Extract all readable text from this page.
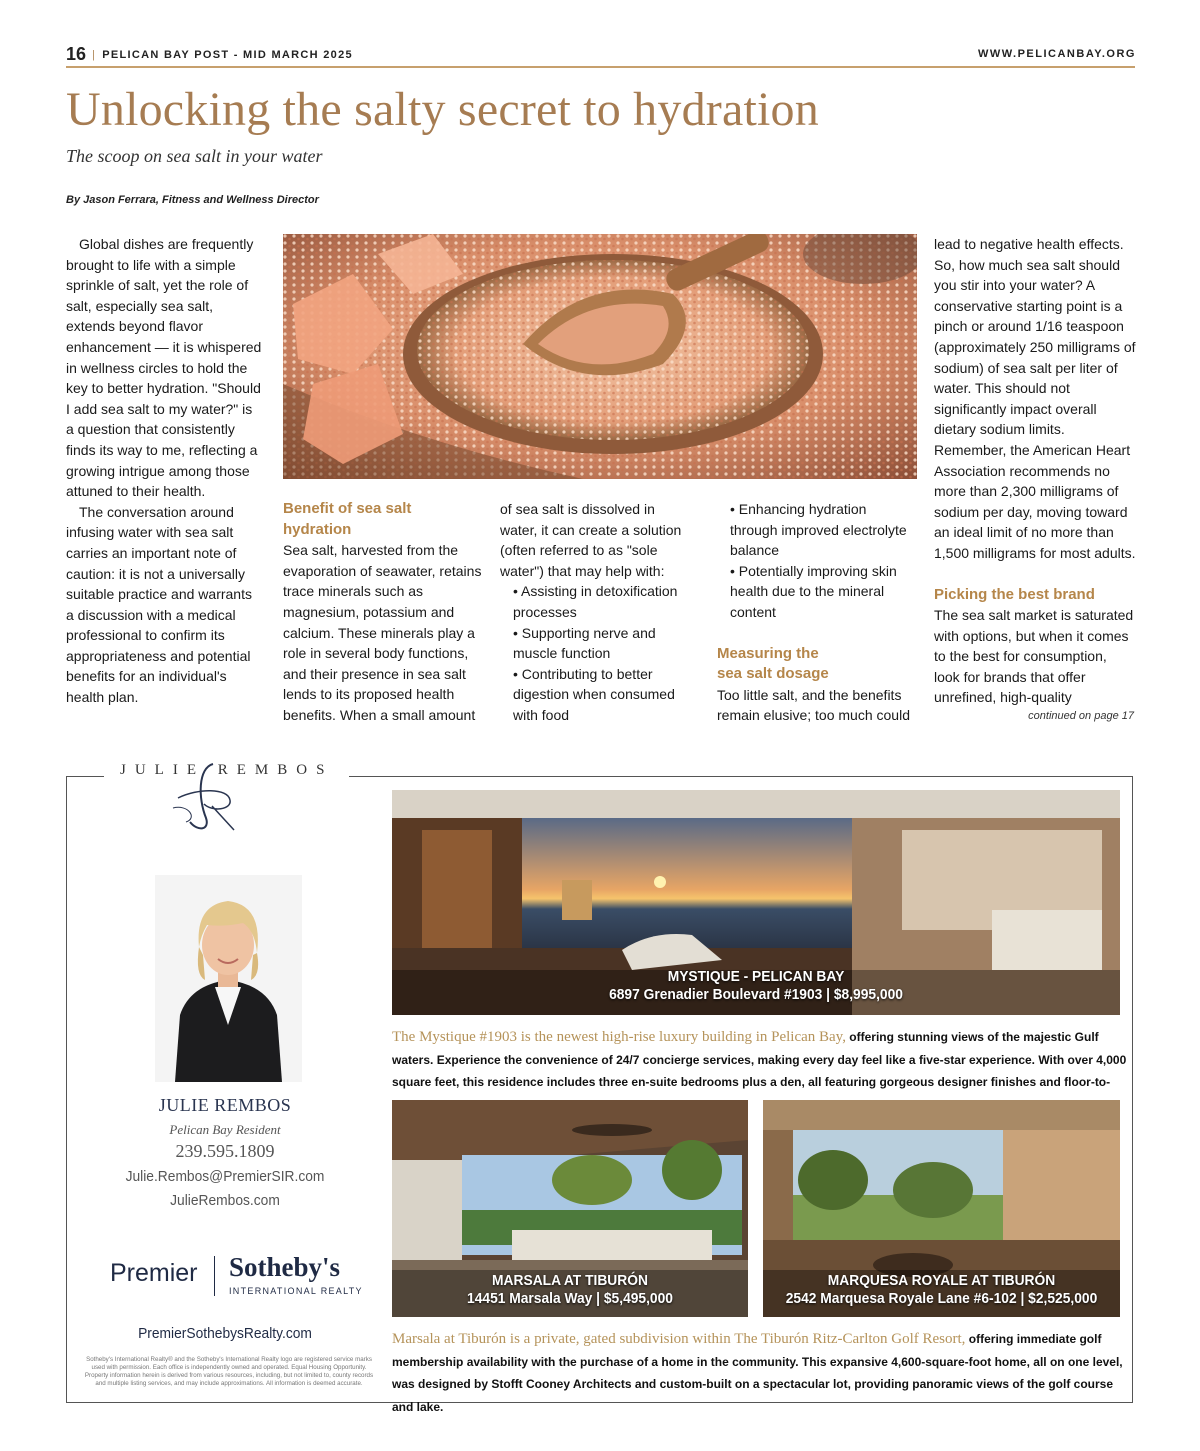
16 | PELICAN BAY POST - MID MARCH 2025	WWW.PELICANBAY.ORG
Unlocking the salty secret to hydration
The scoop on sea salt in your water
By Jason Ferrara, Fitness and Wellness Director

Global dishes are frequently brought to life with a simple sprinkle of salt, yet the role of salt, especially sea salt, extends beyond flavor enhancement — it is whispered in wellness circles to hold the key to better hydration. "Should I add sea salt to my water?" is a question that consistently finds its way to me, reflecting a growing intrigue among those attuned to their health.

The conversation around infusing water with sea salt carries an important note of caution: it is not a universally suitable practice and warrants a discussion with a medical professional to confirm its appropriateness and potential benefits for an individual's health plan.

Benefit of sea salt hydration

Sea salt, harvested from the evaporation of seawater, retains trace minerals such as magnesium, potassium and calcium. These minerals play a role in several body functions, and their presence in sea salt lends to its proposed health benefits. When a small amount

of sea salt is dissolved in water, it can create a solution (often referred to as "sole water") that may help with:

• Assisting in detoxification processes

• Supporting nerve and muscle function

• Contributing to better digestion when consumed with food

• Enhancing hydration through improved electrolyte balance

• Potentially improving skin health due to the mineral content

Measuring the sea salt dosage

Too little salt, and the benefits remain elusive; too much could

lead to negative health effects. So, how much sea salt should you stir into your water? A conservative starting point is a pinch or around 1/16 teaspoon (approximately 250 milligrams of sodium) of sea salt per liter of water. This should not significantly impact overall dietary sodium limits. Remember, the American Heart Association recommends no more than 2,300 milligrams of sodium per day, moving toward an ideal limit of no more than 1,500 milligrams for most adults.

Picking the best brand

The sea salt market is saturated with options, but when it comes to the best for consumption, look for brands that offer unrefined, high-quality

continued on page 17
JULIE REMBOS
JULIE REMBOS
Pelican Bay Resident
239.595.1809
Julie.Rembos@PremierSIR.com
JulieRembos.com
Premier Sotheby's
INTERNATIONAL REALTY
PremierSothebysRealty.com
Sotheby's International Realty® and the Sotheby's International Realty logo are registered service marks used with permission. Each office is independently owned and operated. Equal Housing Opportunity. Property information herein is derived from various resources, including, but not limited to, county records and multiple listing services, and may include approximations. All information is deemed accurate.
MYSTIQUE - PELICAN BAY
6897 Grenadier Boulevard #1903 | $8,995,000
The Mystique #1903 is the newest high-rise luxury building in Pelican Bay, offering stunning views of the majestic Gulf waters. Experience the convenience of 24/7 concierge services, making every day feel like a five-star experience. With over 4,000 square feet, this residence includes three en-suite bedrooms plus a den, all featuring gorgeous designer finishes and floor-to-
MARSALA AT TIBURÓN
14451 Marsala Way | $5,495,000
MARQUESA ROYALE AT TIBURÓN
2542 Marquesa Royale Lane #6-102 | $2,525,000
Marsala at Tiburón is a private, gated subdivision within The Tiburón Ritz-Carlton Golf Resort, offering immediate golf membership availability with the purchase of a home in the community. This expansive 4,600-square-foot home, all on one level, was designed by Stofft Cooney Architects and custom-built on a spectacular lot, providing panoramic views of the golf course and lake.
